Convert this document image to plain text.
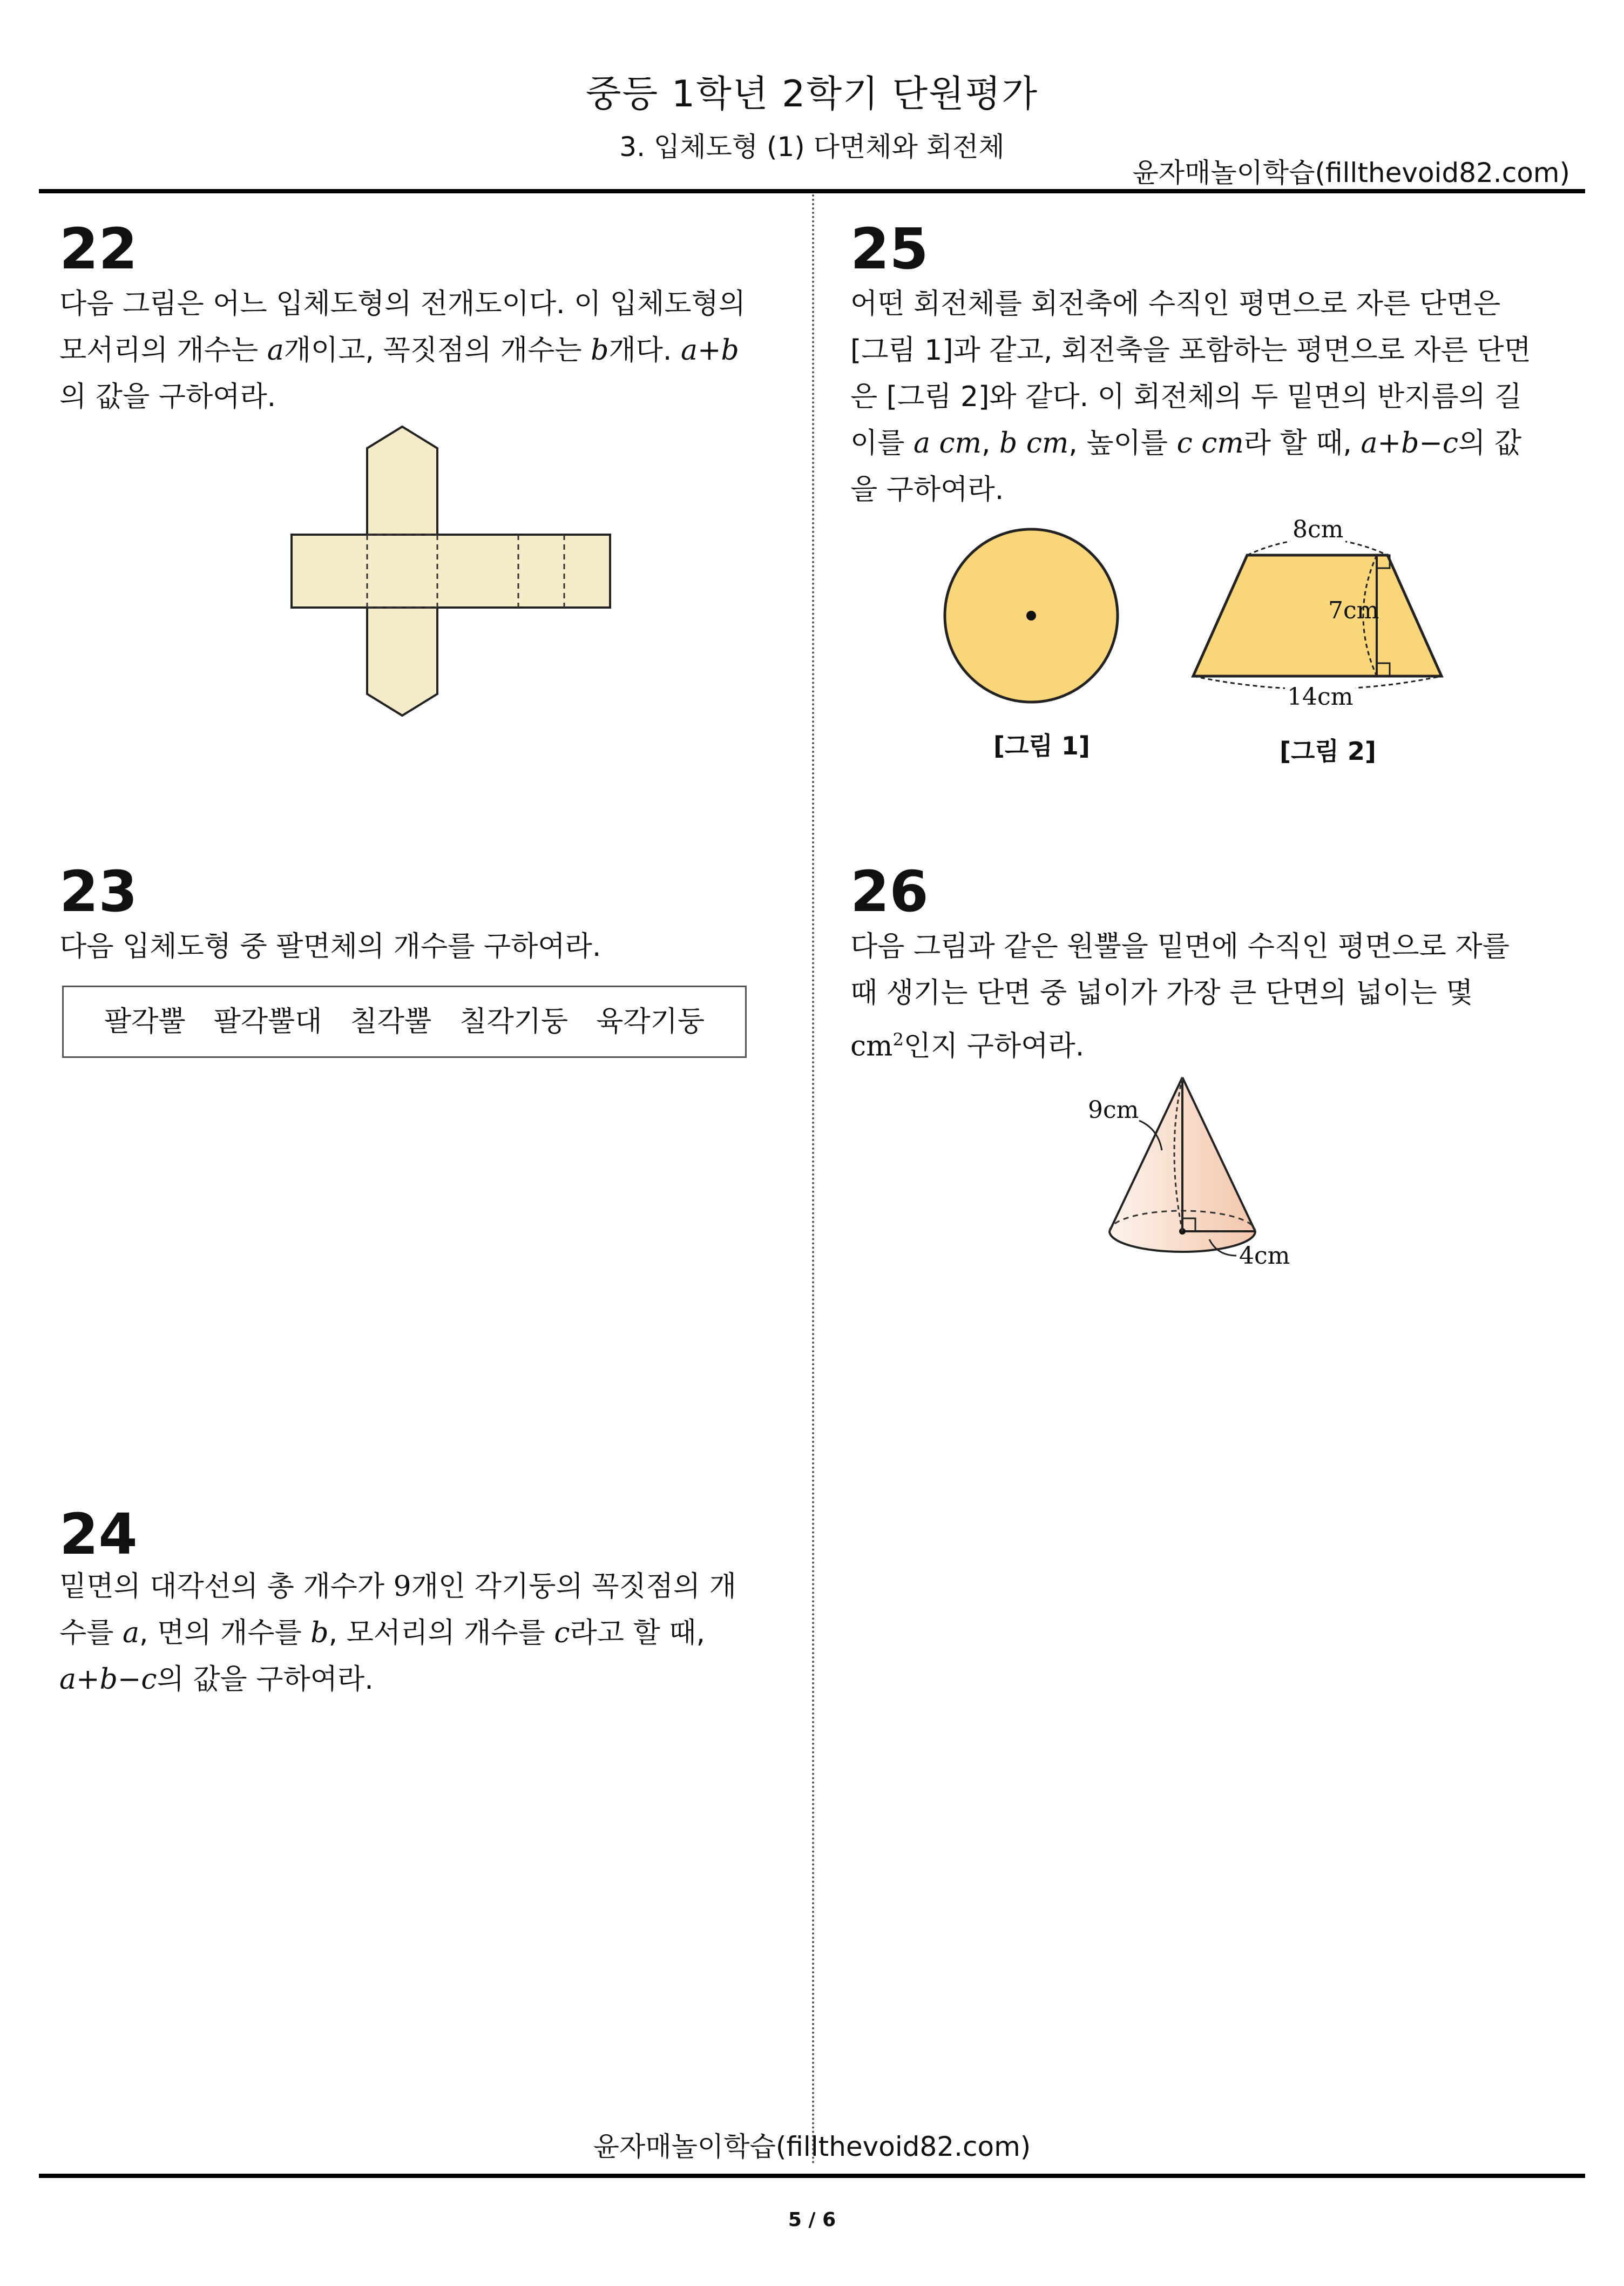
중등 1학년 2학기 단원평가
3. 입체도형 (1) 다면체와 회전체
윤자매놀이학습(fillthevoid82.com)
22
다음 그림은 어느 입체도형의 전개도이다. 이 입체도형의
모서리의 개수는 a개이고, 꼭짓점의 개수는 b개다. a+b
의 값을 구하여라.
23
다음 입체도형 중 팔면체의 개수를 구하여라.
팔각뿔 팔각뿔대 칠각뿔 칠각기둥 육각기둥
24
밑면의 대각선의 총 개수가 9개인 각기둥의 꼭짓점의 개
수를 a, 면의 개수를 b, 모서리의 개수를 c라고 할 때,
a+b−c의 값을 구하여라.
25
어떤 회전체를 회전축에 수직인 평면으로 자른 단면은
[그림 1]과 같고, 회전축을 포함하는 평면으로 자른 단면
은 [그림 2]와 같다. 이 회전체의 두 밑면의 반지름의 길
이를 a cm, b cm, 높이를 c cm라 할 때, a+b−c의 값
을 구하여라.
[그림 1]
8cm
7cm
14cm
[그림 2]
26
다음 그림과 같은 원뿔을 밑면에 수직인 평면으로 자를
때 생기는 단면 중 넓이가 가장 큰 단면의 넓이는 몇
$cm^2$인지 구하여라.
9cm
4cm
윤자매놀이학습(fillthevoid82.com)
5 / 6
